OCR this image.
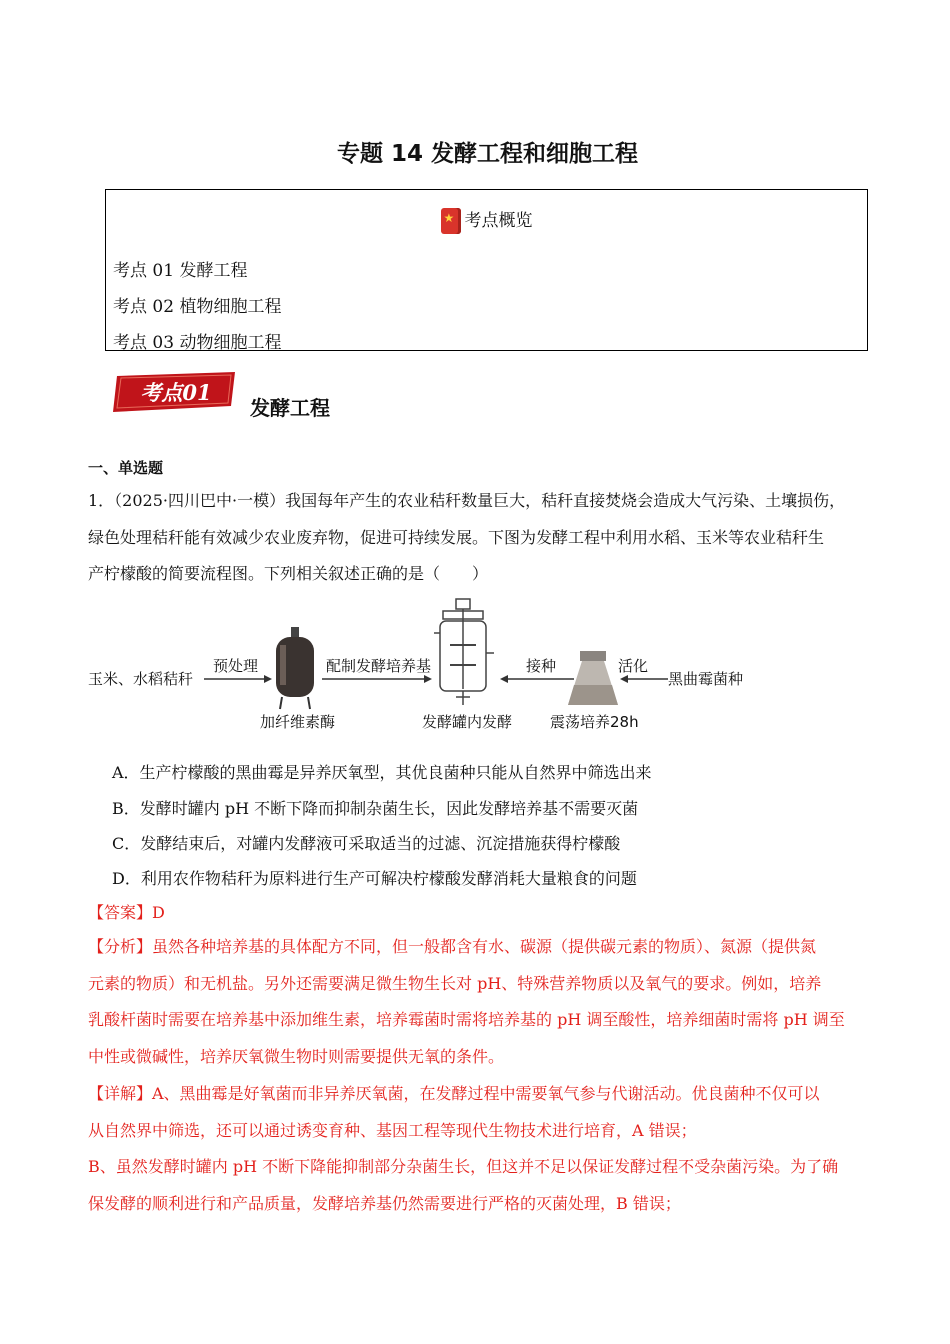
专题 14 发酵工程和细胞工程
★考点概览
考点 01 发酵工程
考点 02 植物细胞工程
考点 03 动物细胞工程
考点01
发酵工程
一、单选题
1．（2025·四川巴中·一模）我国每年产生的农业秸秆数量巨大，秸秆直接焚烧会造成大气污染、土壤损伤，
绿色处理秸秆能有效减少农业废弃物，促进可持续发展。下图为发酵工程中利用水稻、玉米等农业秸秆生
产柠檬酸的简要流程图。下列相关叙述正确的是（　　）
玉米、水稻秸秆
预处理
加纤维素酶
配制发酵培养基
发酵罐内发酵
接种
震荡培养28h
活化
黑曲霉菌种
A．生产柠檬酸的黑曲霉是异养厌氧型，其优良菌种只能从自然界中筛选出来
B．发酵时罐内 pH 不断下降而抑制杂菌生长，因此发酵培养基不需要灭菌
C．发酵结束后，对罐内发酵液可采取适当的过滤、沉淀措施获得柠檬酸
D．利用农作物秸秆为原料进行生产可解决柠檬酸发酵消耗大量粮食的问题
【答案】D
【分析】虽然各种培养基的具体配方不同，但一般都含有水、碳源（提供碳元素的物质）、氮源（提供氮
元素的物质）和无机盐。另外还需要满足微生物生长对 pH、特殊营养物质以及氧气的要求。例如，培养
乳酸杆菌时需要在培养基中添加维生素，培养霉菌时需将培养基的 pH 调至酸性，培养细菌时需将 pH 调至
中性或微碱性，培养厌氧微生物时则需要提供无氧的条件。
【详解】A、黑曲霉是好氧菌而非异养厌氧菌，在发酵过程中需要氧气参与代谢活动。优良菌种不仅可以
从自然界中筛选，还可以通过诱变育种、基因工程等现代生物技术进行培育，A 错误；
B、虽然发酵时罐内 pH 不断下降能抑制部分杂菌生长，但这并不足以保证发酵过程不受杂菌污染。为了确
保发酵的顺利进行和产品质量，发酵培养基仍然需要进行严格的灭菌处理，B 错误；
